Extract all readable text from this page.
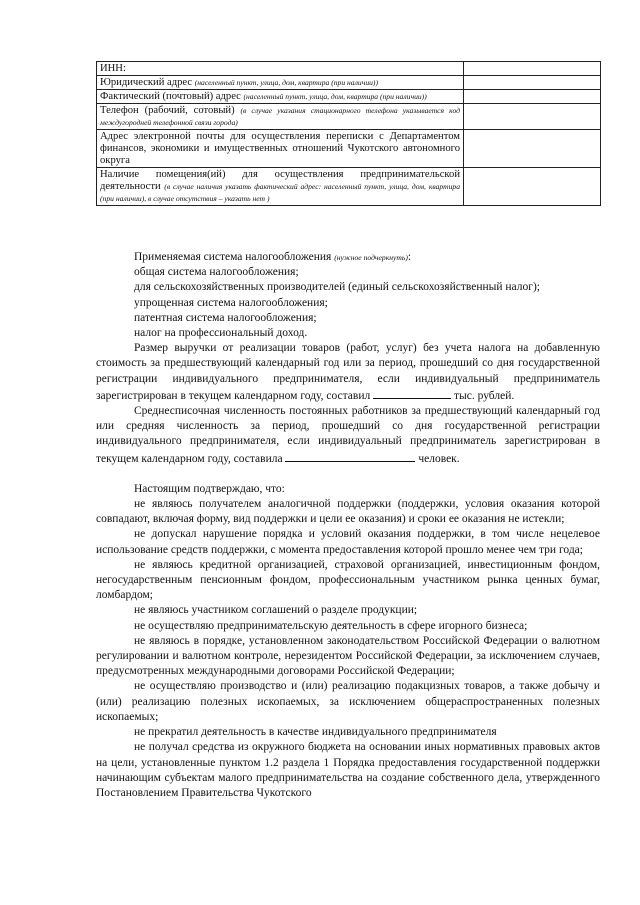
ИНН:	
Юридический адрес (населенный пункт, улица, дом, квартира (при наличии))	
Фактический (почтовый) адрес (населенный пункт, улица, дом, квартира (при наличии))	
Телефон (рабочий, сотовый) (в случае указания стационарного телефона указывается код междугородней телефонной связи города)	
Адрес электронной почты для осуществления переписки с Департаментом финансов, экономики и имущественных отношений Чукотского автономного округа	
Наличие помещения(ий) для осуществления предпринимательской деятельности (в случае наличия указать фактический адрес: населенный пункт, улица, дом, квартира (при наличии), в случае отсутствия – указать нет )	

Применяемая система налогообложения (нужное подчеркнуть):

общая система налогообложения;

для сельскохозяйственных производителей (единый сельскохозяйственный налог);

упрощенная система налогообложения;

патентная система налогообложения;

налог на профессиональный доход.

Размер выручки от реализации товаров (работ, услуг) без учета налога на добавленную стоимость за предшествующий календарный год или за период, прошедший со дня государственной регистрации индивидуального предпринимателя, если индивидуальный предприниматель зарегистрирован в текущем календарном году, составил	тыс. рублей.

Среднесписочная численность постоянных работников за предшествующий календарный год или средняя численность за период, прошедший со дня государственной регистрации индивидуального предпринимателя, если индивидуальный предприниматель зарегистрирован в текущем календарном году, составила	человек.

Настоящим подтверждаю, что:

не являюсь получателем аналогичной поддержки (поддержки, условия оказания которой совпадают, включая форму, вид поддержки и цели ее оказания) и сроки ее оказания не истекли;

не допускал нарушение порядка и условий оказания поддержки, в том числе нецелевое использование средств поддержки, с момента предоставления которой прошло менее чем три года;

не являюсь кредитной организацией, страховой организацией, инвестиционным фондом, негосударственным пенсионным фондом, профессиональным участником рынка ценных бумаг, ломбардом;

не являюсь участником соглашений о разделе продукции;

не осуществляю предпринимательскую деятельность в сфере игорного бизнеса;

не являюсь в порядке, установленном законодательством Российской Федерации о валютном регулировании и валютном контроле, нерезидентом Российской Федерации, за исключением случаев, предусмотренных международными договорами Российской Федерации;

не осуществляю производство и (или) реализацию подакцизных товаров, а также добычу и (или) реализацию полезных ископаемых, за исключением общераспространенных полезных ископаемых;

не прекратил деятельность в качестве индивидуального предпринимателя

не получал средства из окружного бюджета на основании иных нормативных правовых актов на цели, установленные пунктом 1.2 раздела 1 Порядка предоставления государственной поддержки начинающим субъектам малого предпринимательства на создание собственного дела, утвержденного Постановлением Правительства Чукотского
